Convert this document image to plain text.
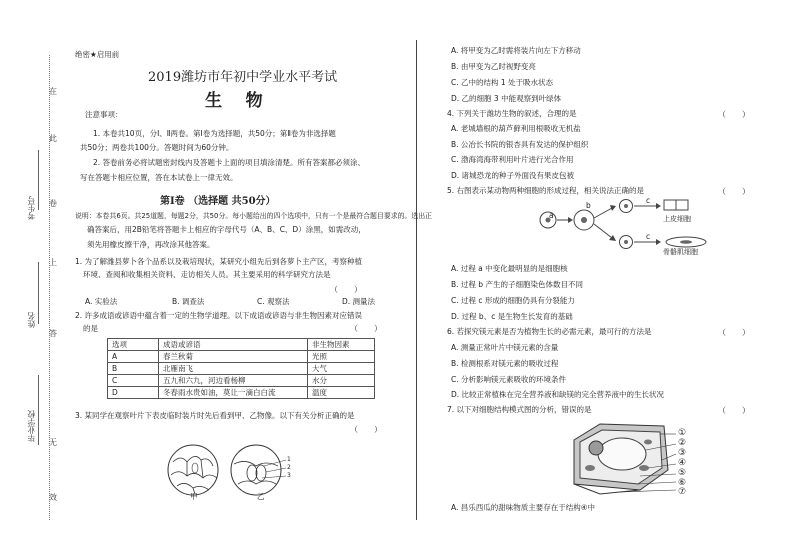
在
此
卷
上
答
无
效
考生号
姓名
毕业学校
绝密★启用前
2019潍坊市年初中学业水平考试
生    物
注意事项：
1. 本卷共10页，分Ⅰ、Ⅱ两卷。第Ⅰ卷为选择题，共50分；第Ⅱ卷为非选择题
共50分；两卷共100分。答题时间为60分钟。
2. 答卷前务必将试题密封线内及答题卡上面的项目填涂清楚。所有答案都必须涂、
写在答题卡相应位置，答在本试卷上一律无效。
第Ⅰ卷 （选择题 共50分）
说明：本卷共6页。共25道题，每题2分，共50分。每小题给出的四个选项中，只有一个是最符合题目要求的。选出正
确答案后，用2B铅笔将答题卡上相应的字母代号（A、B、C、D）涂黑，如需改动，
须先用橡皮擦干净，再改涂其他答案。
1. 为了解潍县萝卜各个品系以及栽培现状，某研究小组先后到各萝卜主产区，考察种植
环境、查阅和收集相关资料、走访相关人员。其主要采用的科学研究方法是
（　　）
A. 实验法	B. 调查法	C. 观察法	D. 测量法
2. 许多成语或谚语中蕴含着一定的生物学道理。以下成语或谚语与非生物因素对应错误
（　　）
的是
选项	成语或谚语	非生物因素
A	春兰秋菊	光照
B	北雁南飞	大气
C	五九和六九，河边看杨柳	水分
D	冬春雨水贵如油，莫让一滴白白流	温度
3. 某同学在观察叶片下表皮临时装片时先后看到甲、乙物像。以下有关分析正确的是
（　　）
甲
1
2
3
乙
A. 将甲变为乙时需将装片向左下方移动
B. 由甲变为乙时视野变亮
C. 乙中的结构 1 处于吸水状态
D. 乙的细胞 3 中能观察到叶绿体
4. 下列关于潍坊生物的叙述，合理的是	（　　）
A. 老城墙根的葫芦藓利用根吸收无机盐
B. 公冶长书院的银杏具有发达的保护组织
C. 渤海湾海带利用叶片进行光合作用
D. 诸城恐龙的种子外面没有果皮包被
5. 右图表示某动物两种细胞的形成过程，相关说法正确的是	（　　）
a
b
c
c
上皮细胞
骨骼肌细胞
A. 过程 a 中变化最明显的是细胞核
B. 过程 b 产生的子细胞染色体数目不同
C. 过程 c 形成的细胞仍具有分裂能力
D. 过程 b、c 是生物生长发育的基础
6. 若探究镁元素是否为植物生长的必需元素，最可行的方法是	（　　）
A. 测量正常叶片中镁元素的含量
B. 检测根系对镁元素的吸收过程
C. 分析影响镁元素吸收的环境条件
D. 比较正常植株在完全营养液和缺镁的完全营养液中的生长状况
7. 以下对细胞结构模式图的分析，错误的是	（　　）
①
②
③
④
⑤
⑥
⑦
A. 昌乐西瓜的甜味物质主要存在于结构④中
